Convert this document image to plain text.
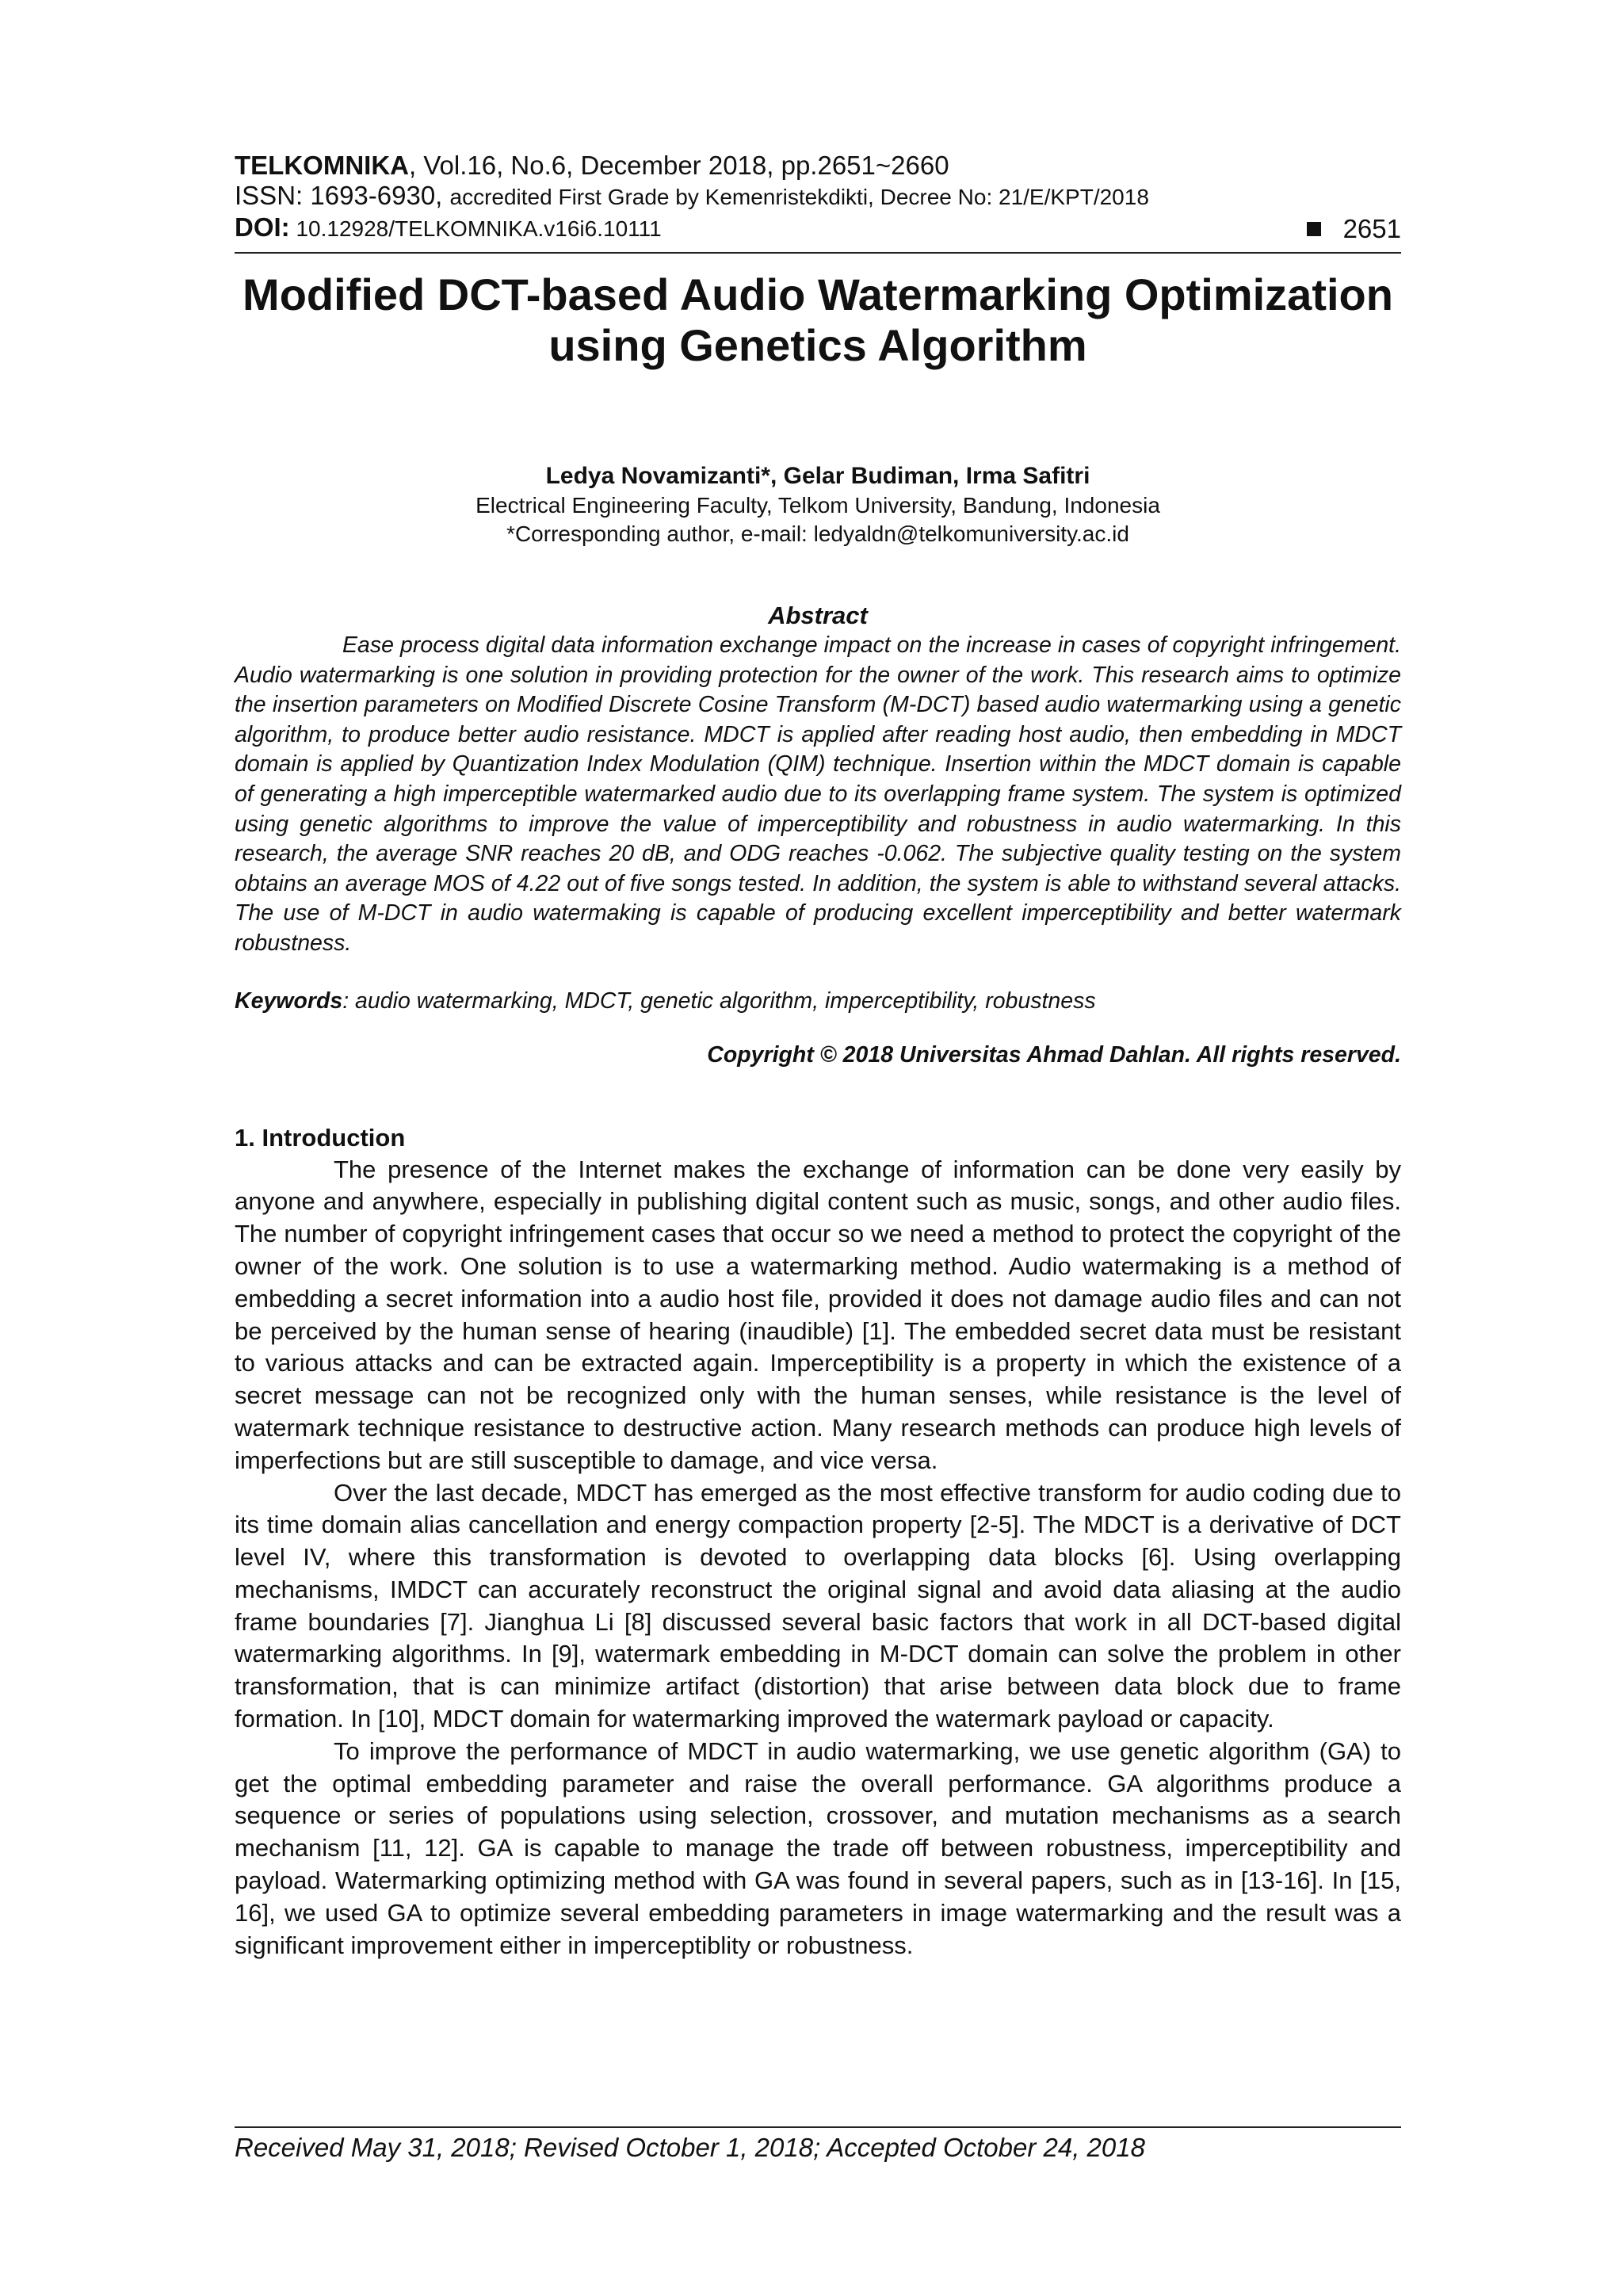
TELKOMNIKA, Vol.16, No.6, December 2018, pp.2651~2660
ISSN: 1693-6930, accredited First Grade by Kemenristekdikti, Decree No: 21/E/KPT/2018
DOI: 10.12928/TELKOMNIKA.v16i6.10111	2651
Modified DCT-based Audio Watermarking Optimization
using Genetics Algorithm
Ledya Novamizanti*, Gelar Budiman, Irma Safitri

Electrical Engineering Faculty, Telkom University, Bandung, Indonesia

*Corresponding author, e-mail: ledyaldn@telkomuniversity.ac.id

Abstract

Ease process digital data information exchange impact on the increase in cases of copyright infringement. Audio watermarking is one solution in providing protection for the owner of the work. This research aims to optimize the insertion parameters on Modified Discrete Cosine Transform (M-DCT) based audio watermarking using a genetic algorithm, to produce better audio resistance. MDCT is applied after reading host audio, then embedding in MDCT domain is applied by Quantization Index Modulation (QIM) technique. Insertion within the MDCT domain is capable of generating a high imperceptible watermarked audio due to its overlapping frame system. The system is optimized using genetic algorithms to improve the value of imperceptibility and robustness in audio watermarking. In this research, the average SNR reaches 20 dB, and ODG reaches -0.062. The subjective quality testing on the system obtains an average MOS of 4.22 out of five songs tested. In addition, the system is able to withstand several attacks. The use of M-DCT in audio watermaking is capable of producing excellent imperceptibility and better watermark robustness.

Keywords: audio watermarking, MDCT, genetic algorithm, imperceptibility, robustness
Copyright © 2018 Universitas Ahmad Dahlan. All rights reserved.
1. Introduction

The presence of the Internet makes the exchange of information can be done very easily by anyone and anywhere, especially in publishing digital content such as music, songs, and other audio files. The number of copyright infringement cases that occur so we need a method to protect the copyright of the owner of the work. One solution is to use a watermarking method. Audio watermaking is a method of embedding a secret information into a audio host file, provided it does not damage audio files and can not be perceived by the human sense of hearing (inaudible) [1]. The embedded secret data must be resistant to various attacks and can be extracted again. Imperceptibility is a property in which the existence of a secret message can not be recognized only with the human senses, while resistance is the level of watermark technique resistance to destructive action. Many research methods can produce high levels of imperfections but are still susceptible to damage, and vice versa.

Over the last decade, MDCT has emerged as the most effective transform for audio coding due to its time domain alias cancellation and energy compaction property [2-5]. The MDCT is a derivative of DCT level IV, where this transformation is devoted to overlapping data blocks [6]. Using overlapping mechanisms, IMDCT can accurately reconstruct the original signal and avoid data aliasing at the audio frame boundaries [7]. Jianghua Li [8] discussed several basic factors that work in all DCT-based digital watermarking algorithms. In [9], watermark embedding in M-DCT domain can solve the problem in other transformation, that is can minimize artifact (distortion) that arise between data block due to frame formation. In [10], MDCT domain for watermarking improved the watermark payload or capacity.

To improve the performance of MDCT in audio watermarking, we use genetic algorithm (GA) to get the optimal embedding parameter and raise the overall performance. GA algorithms produce a sequence or series of populations using selection, crossover, and mutation mechanisms as a search mechanism [11, 12]. GA is capable to manage the trade off between robustness, imperceptibility and payload. Watermarking optimizing method with GA was found in several papers, such as in [13-16]. In [15, 16], we used GA to optimize several embedding parameters in image watermarking and the result was a significant improvement either in imperceptiblity or robustness.

Received May 31, 2018; Revised October 1, 2018; Accepted October 24, 2018
